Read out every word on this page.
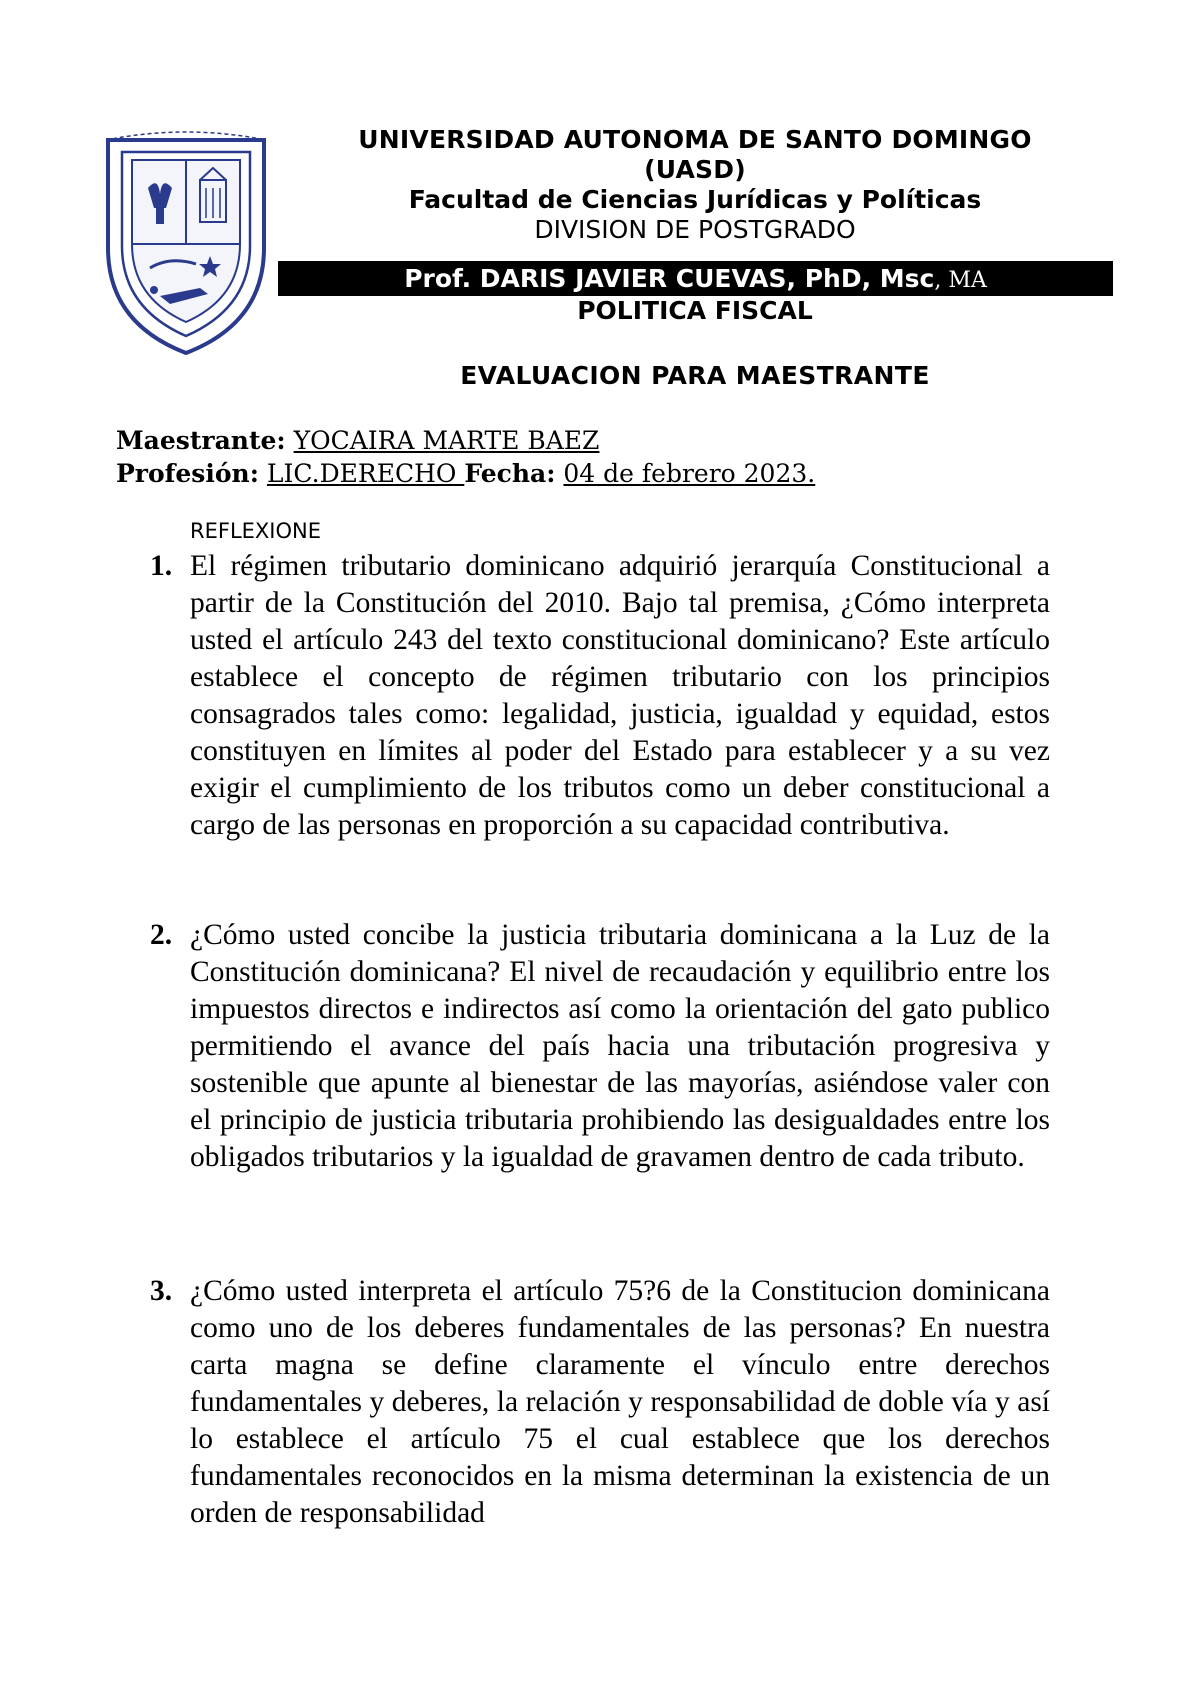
UNIVERSIDAD AUTONOMA DE SANTO DOMINGO
(UASD)
Facultad de Ciencias Jurídicas y Políticas
DIVISION DE POSTGRADO
Prof. DARIS JAVIER CUEVAS, PhD, Msc, MA
POLITICA FISCAL
EVALUACION PARA MAESTRANTE
Maestrante: YOCAIRA MARTE BAEZ
Profesión: LIC.DERECHO Fecha: 04 de febrero 2023.
REFLEXIONE
1. El régimen tributario dominicano adquirió jerarquía Constitucional a partir de la Constitución del 2010. Bajo tal premisa, ¿Cómo interpreta usted el artículo 243 del texto constitucional dominicano? Este artículo establece el concepto de régimen tributario con los principios consagrados tales como: legalidad, justicia, igualdad y equidad, estos constituyen en límites al poder del Estado para establecer y a su vez exigir el cumplimiento de los tributos como un deber constitucional a cargo de las personas en proporción a su capacidad contributiva.
2. ¿Cómo usted concibe la justicia tributaria dominicana a la Luz de la Constitución dominicana? El nivel de recaudación y equilibrio entre los impuestos directos e indirectos así como la orientación del gato publico permitiendo el avance del país hacia una tributación progresiva y sostenible que apunte al bienestar de las mayorías, asiéndose valer con el principio de justicia tributaria prohibiendo las desigualdades entre los obligados tributarios y la igualdad de gravamen dentro de cada tributo.
3. ¿Cómo usted interpreta el artículo 75?6 de la Constitucion dominicana como uno de los deberes fundamentales de las personas? En nuestra carta magna se define claramente el vínculo entre derechos fundamentales y deberes, la relación y responsabilidad de doble vía y así lo establece el artículo 75 el cual establece que los derechos fundamentales reconocidos en la misma determinan la existencia de un orden de responsabilidad
